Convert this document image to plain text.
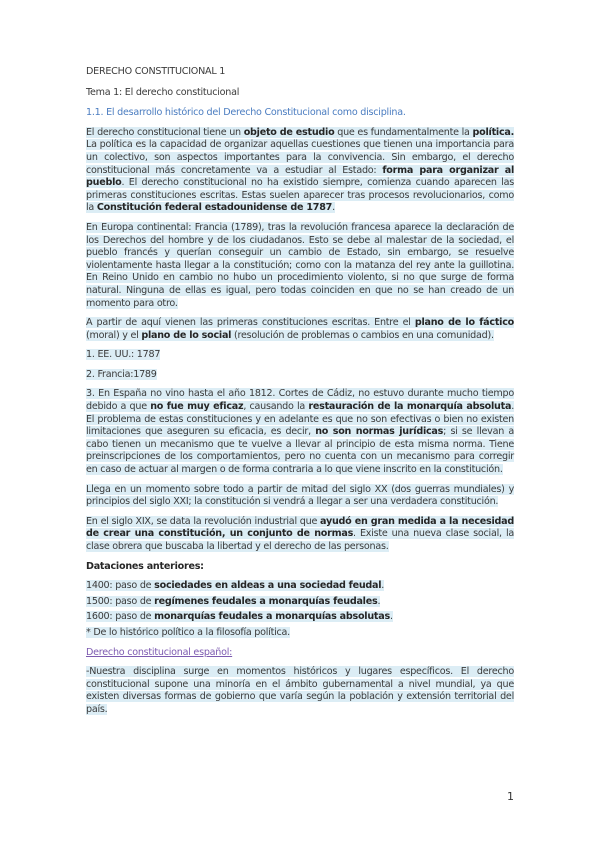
DERECHO CONSTITUCIONAL 1

Tema 1: El derecho constitucional

1.1. El desarrollo histórico del Derecho Constitucional como disciplina.

El derecho constitucional tiene un objeto de estudio que es fundamentalmente la política. La política es la capacidad de organizar aquellas cuestiones que tienen una importancia para un colectivo, son aspectos importantes para la convivencia. Sin embargo, el derecho constitucional más concretamente va a estudiar al Estado: forma para organizar al pueblo. El derecho constitucional no ha existido siempre, comienza cuando aparecen las primeras constituciones escritas. Estas suelen aparecer tras procesos revolucionarios, como la Constitución federal estadounidense de 1787.

En Europa continental: Francia (1789), tras la revolución francesa aparece la declaración de los Derechos del hombre y de los ciudadanos. Esto se debe al malestar de la sociedad, el pueblo francés y querían conseguir un cambio de Estado, sin embargo, se resuelve violentamente hasta llegar a la constitución; como con la matanza del rey ante la guillotina. En Reino Unido en cambio no hubo un procedimiento violento, si no que surge de forma natural. Ninguna de ellas es igual, pero todas coinciden en que no se han creado de un momento para otro.

A partir de aquí vienen las primeras constituciones escritas. Entre el plano de lo fáctico (moral) y el plano de lo social (resolución de problemas o cambios en una comunidad).

1. EE. UU.: 1787

2. Francia:1789

3. En España no vino hasta el año 1812. Cortes de Cádiz, no estuvo durante mucho tiempo debido a que no fue muy eficaz, causando la restauración de la monarquía absoluta. El problema de estas constituciones y en adelante es que no son efectivas o bien no existen limitaciones que aseguren su eficacia, es decir, no son normas jurídicas; si se llevan a cabo tienen un mecanismo que te vuelve a llevar al principio de esta misma norma. Tiene preinscripciones de los comportamientos, pero no cuenta con un mecanismo para corregir en caso de actuar al margen o de forma contraria a lo que viene inscrito en la constitución.

Llega en un momento sobre todo a partir de mitad del siglo XX (dos guerras mundiales) y principios del siglo XXI; la constitución si vendrá a llegar a ser una verdadera constitución.

En el siglo XIX, se data la revolución industrial que ayudó en gran medida a la necesidad de crear una constitución, un conjunto de normas. Existe una nueva clase social, la clase obrera que buscaba la libertad y el derecho de las personas.

Dataciones anteriores:

1400: paso de sociedades en aldeas a una sociedad feudal.

1500: paso de regímenes feudales a monarquías feudales.

1600: paso de monarquías feudales a monarquías absolutas.

* De lo histórico político a la filosofía política.

Derecho constitucional español:

-Nuestra disciplina surge en momentos históricos y lugares específicos. El derecho constitucional supone una minoría en el ámbito gubernamental a nivel mundial, ya que existen diversas formas de gobierno que varía según la población y extensión territorial del país.

1
